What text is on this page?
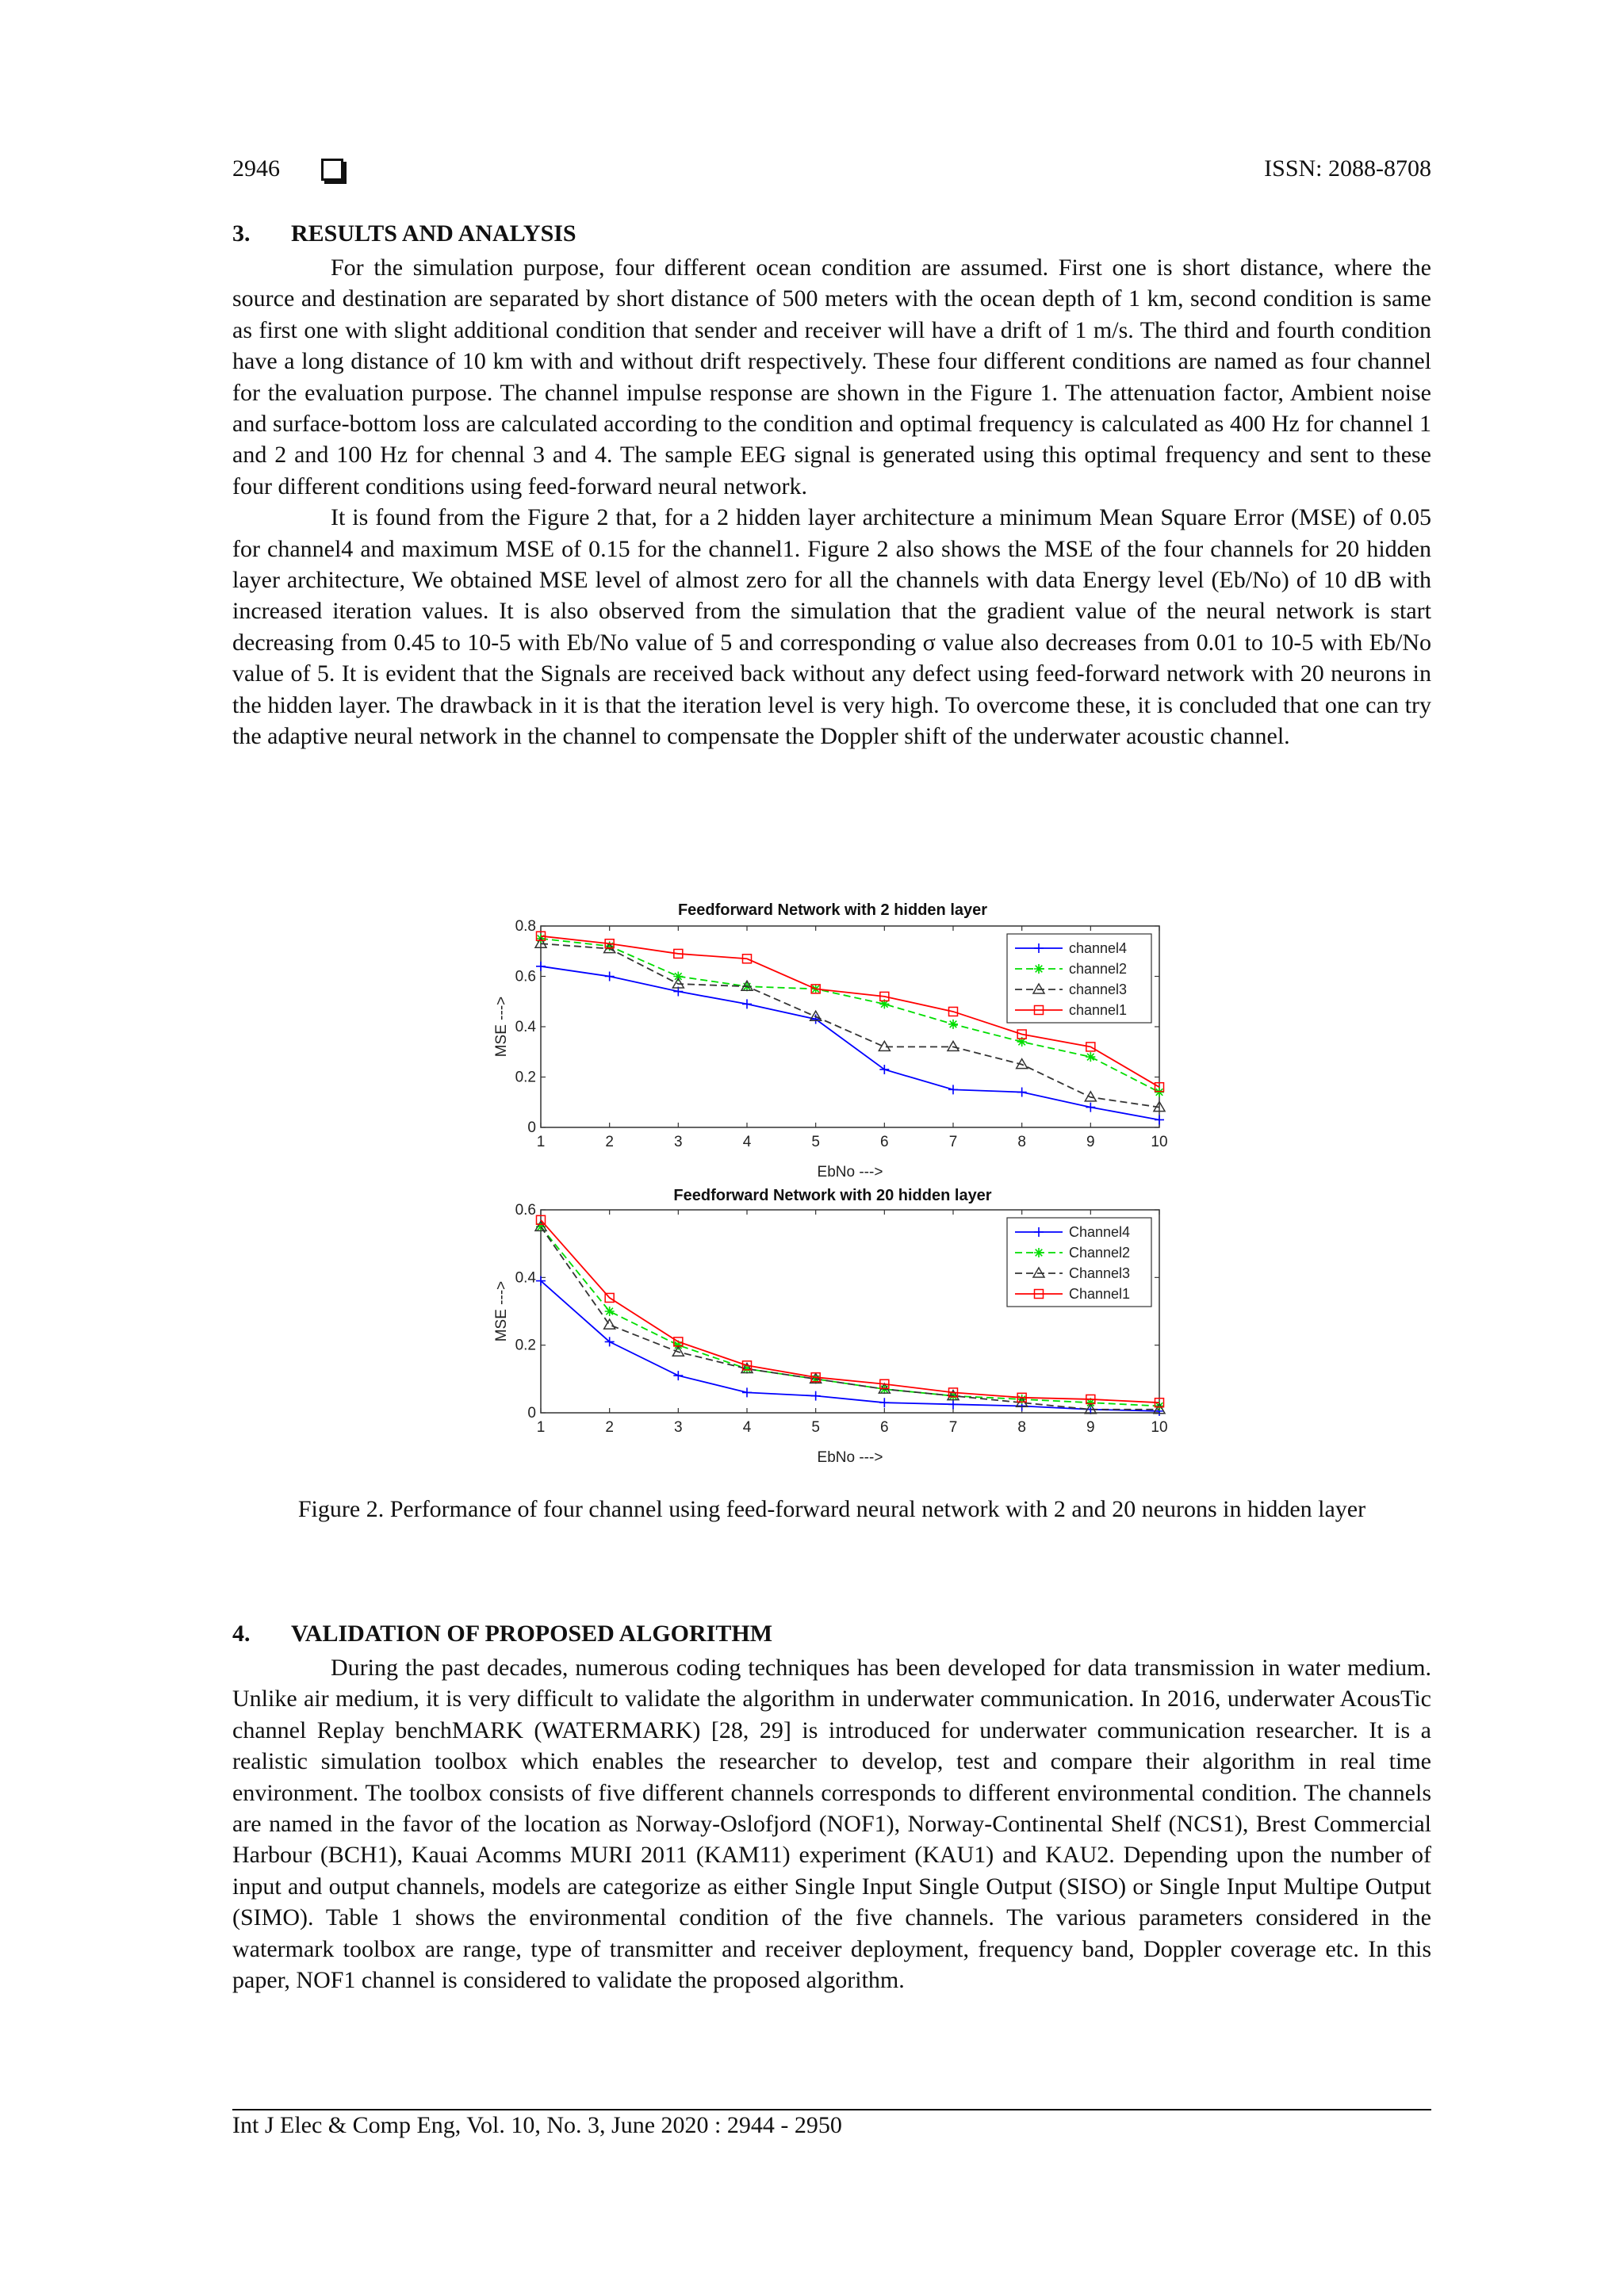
2946	ISSN: 2088-8708
3. RESULTS AND ANALYSIS

For the simulation purpose, four different ocean condition are assumed. First one is short distance, where the source and destination are separated by short distance of 500 meters with the ocean depth of 1 km, second condition is same as first one with slight additional condition that sender and receiver will have a drift of 1 m/s. The third and fourth condition have a long distance of 10 km with and without drift respectively. These four different conditions are named as four channel for the evaluation purpose. The channel impulse response are shown in the Figure 1. The attenuation factor, Ambient noise and surface-bottom loss are calculated according to the condition and optimal frequency is calculated as 400 Hz for channel 1 and 2 and 100 Hz for chennal 3 and 4. The sample EEG signal is generated using this optimal frequency and sent to these four different conditions using feed-forward neural network.

It is found from the Figure 2 that, for a 2 hidden layer architecture a minimum Mean Square Error (MSE) of 0.05 for channel4 and maximum MSE of 0.15 for the channel1. Figure 2 also shows the MSE of the four channels for 20 hidden layer architecture, We obtained MSE level of almost zero for all the channels with data Energy level (Eb/No) of 10 dB with increased iteration values. It is also observed from the simulation that the gradient value of the neural network is start decreasing from 0.45 to 10-5 with Eb/No value of 5 and corresponding σ value also decreases from 0.01 to 10-5 with Eb/No value of 5. It is evident that the Signals are received back without any defect using feed-forward network with 20 neurons in the hidden layer. The drawback in it is that the iteration level is very high. To overcome these, it is concluded that one can try the adaptive neural network in the channel to compensate the Doppler shift of the underwater acoustic channel.

Feedforward Network with 2 hidden layer
1	2	3	4	5	6	7	8	9	10
0
0.2
0.4
0.6
0.8
EbNo --->
MSE --->
channel4
channel2
channel3
channel1
Feedforward Network with 20 hidden layer
1	2	3	4	5	6	7	8	9	10
0
0.2
0.4
0.6
EbNo --->
MSE --->
Channel4
Channel2
Channel3
Channel1
Figure 2. Performance of four channel using feed-forward neural network with 2 and 20 neurons in hidden layer
4. VALIDATION OF PROPOSED ALGORITHM

During the past decades, numerous coding techniques has been developed for data transmission in water medium. Unlike air medium, it is very difficult to validate the algorithm in underwater communication. In 2016, underwater AcousTic channel Replay benchMARK (WATERMARK) [28, 29] is introduced for underwater communication researcher. It is a realistic simulation toolbox which enables the researcher to develop, test and compare their algorithm in real time environment. The toolbox consists of five different channels corresponds to different environmental condition. The channels are named in the favor of the location as Norway-Oslofjord (NOF1), Norway-Continental Shelf (NCS1), Brest Commercial Harbour (BCH1), Kauai Acomms MURI 2011 (KAM11) experiment (KAU1) and KAU2. Depending upon the number of input and output channels, models are categorize as either Single Input Single Output (SISO) or Single Input Multipe Output (SIMO). Table 1 shows the environmental condition of the five channels. The various parameters considered in the watermark toolbox are range, type of transmitter and receiver deployment, frequency band, Doppler coverage etc. In this paper, NOF1 channel is considered to validate the proposed algorithm.

Int J Elec & Comp Eng, Vol. 10, No. 3, June 2020 : 2944 - 2950
